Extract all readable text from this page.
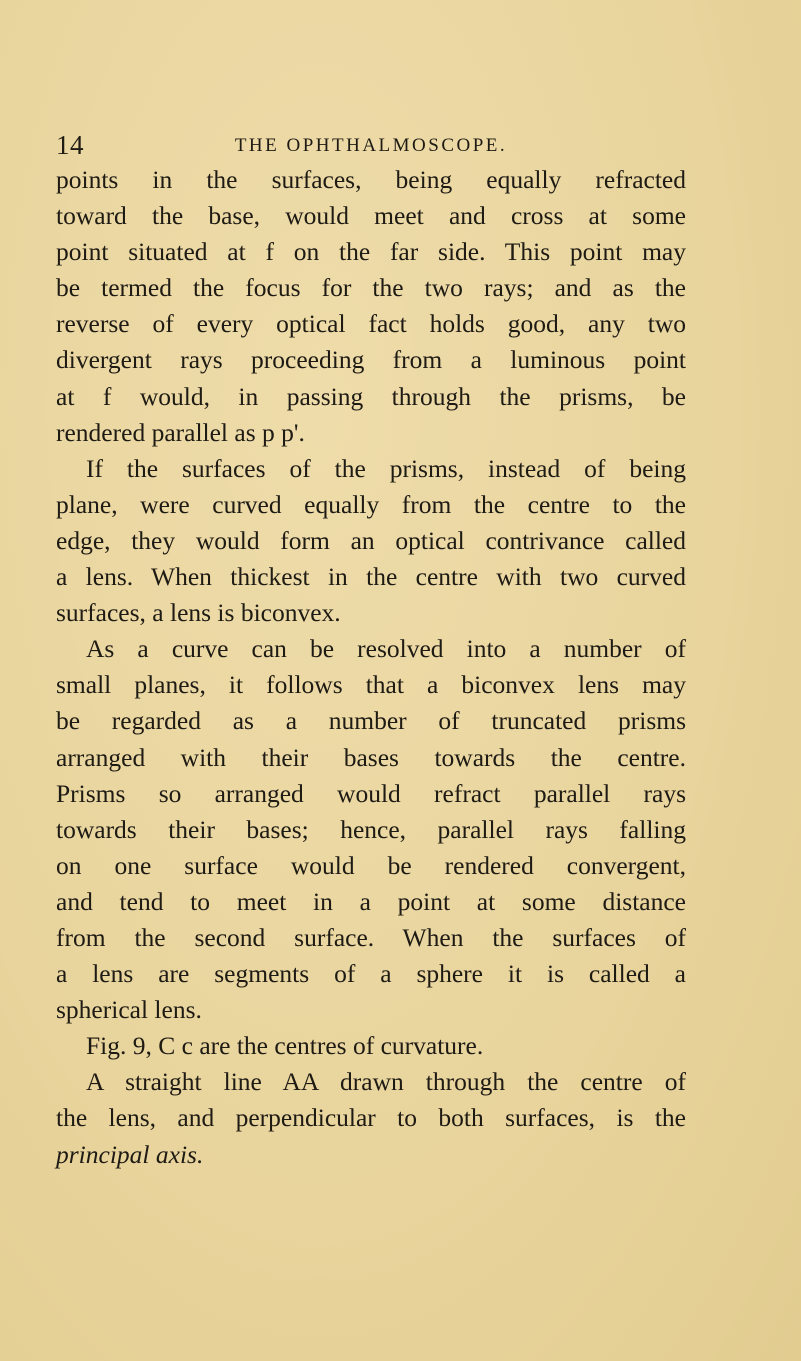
14	THE OPHTHALMOSCOPE.

points in the surfaces, being equally refracted
toward the base, would meet and cross at some
point situated at f on the far side. This point may
be termed the focus for the two rays; and as the
reverse of every optical fact holds good, any two
divergent rays proceeding from a luminous point
at f would, in passing through the prisms, be
rendered parallel as p p'.

If the surfaces of the prisms, instead of being
plane, were curved equally from the centre to the
edge, they would form an optical contrivance called
a lens. When thickest in the centre with two curved
surfaces, a lens is biconvex.

As a curve can be resolved into a number of
small planes, it follows that a biconvex lens may
be regarded as a number of truncated prisms
arranged with their bases towards the centre.
Prisms so arranged would refract parallel rays
towards their bases; hence, parallel rays falling
on one surface would be rendered convergent,
and tend to meet in a point at some distance
from the second surface. When the surfaces of
a lens are segments of a sphere it is called a
spherical lens.

Fig. 9, C c are the centres of curvature.

A straight line AA drawn through the centre of
the lens, and perpendicular to both surfaces, is the
principal axis.
